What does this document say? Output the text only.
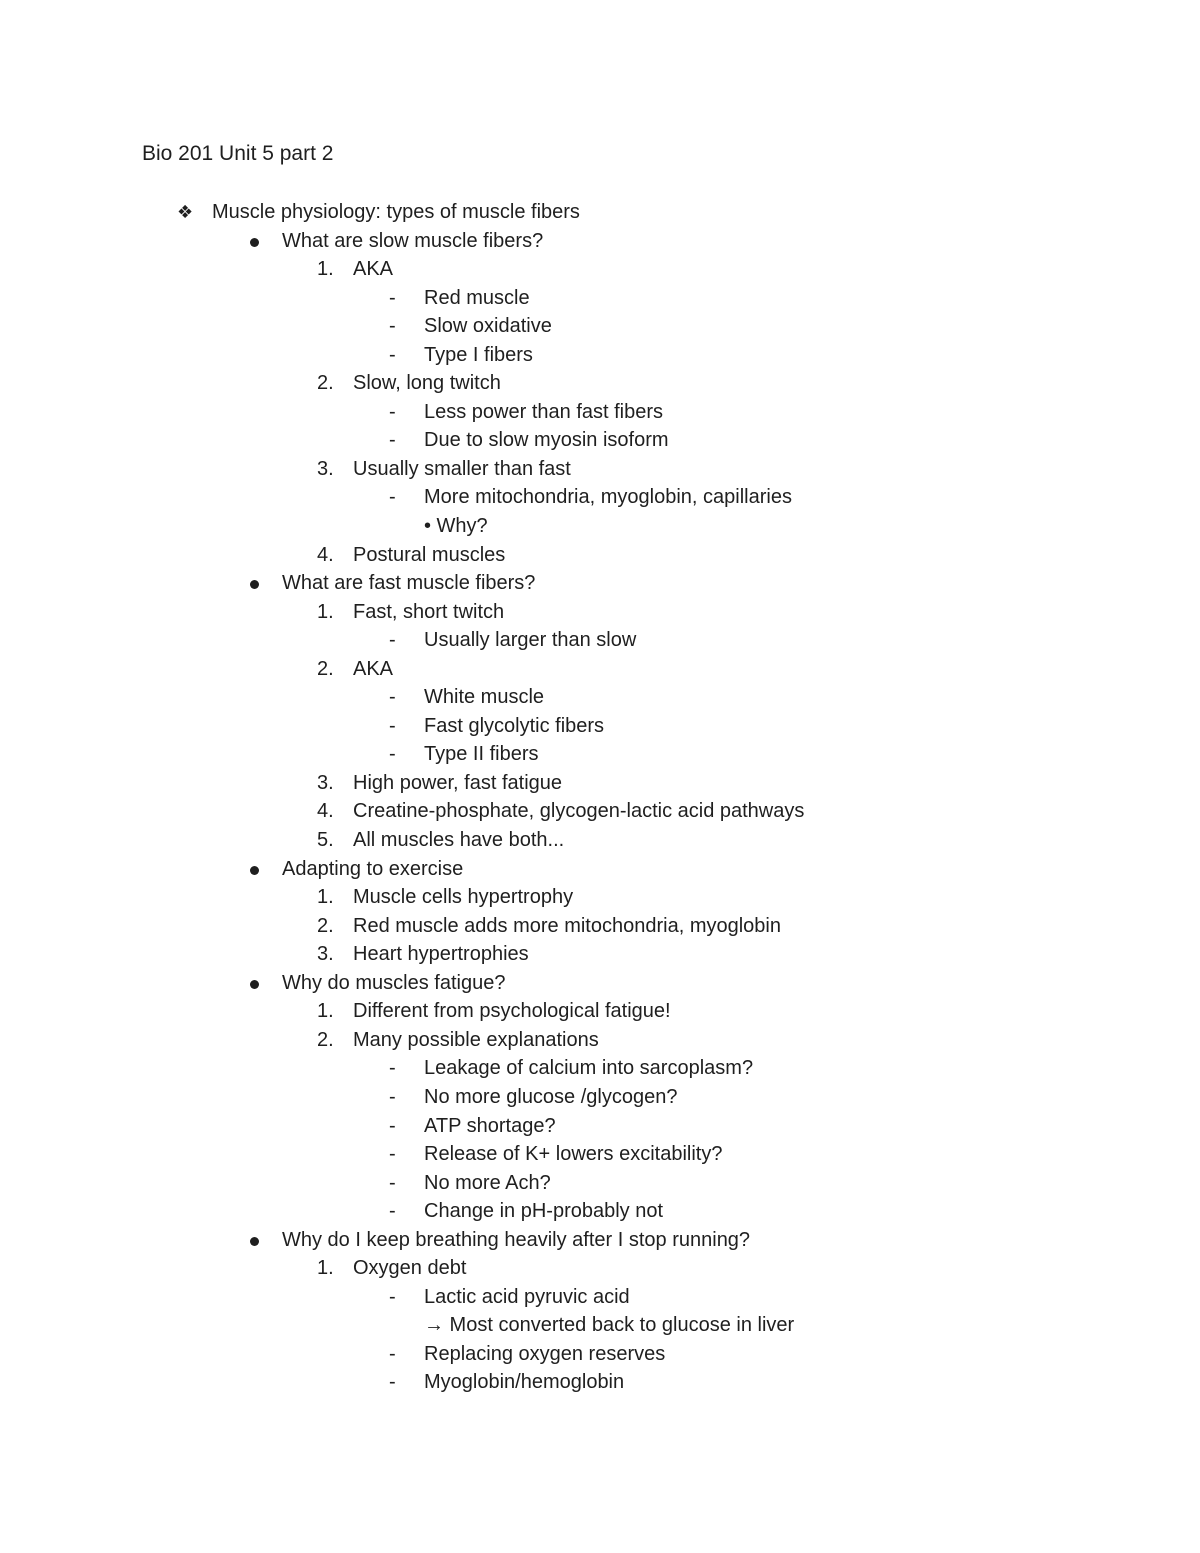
Bio 201 Unit 5 part 2
❖ Muscle physiology: types of muscle fibers
What are slow muscle fibers?
1. AKA
- Red muscle
- Slow oxidative
- Type I fibers
2. Slow, long twitch
- Less power than fast fibers
- Due to slow myosin isoform
3. Usually smaller than fast
- More mitochondria, myoglobin, capillaries
• Why?
4. Postural muscles
What are fast muscle fibers?
1. Fast, short twitch
- Usually larger than slow
2. AKA
- White muscle
- Fast glycolytic fibers
- Type II fibers
3. High power, fast fatigue
4. Creatine-phosphate, glycogen-lactic acid pathways
5. All muscles have both...
Adapting to exercise
1. Muscle cells hypertrophy
2. Red muscle adds more mitochondria, myoglobin
3. Heart hypertrophies
Why do muscles fatigue?
1. Different from psychological fatigue!
2. Many possible explanations
- Leakage of calcium into sarcoplasm?
- No more glucose /glycogen?
- ATP shortage?
- Release of K+ lowers excitability?
- No more Ach?
- Change in pH-probably not
Why do I keep breathing heavily after I stop running?
1. Oxygen debt
- Lactic acid pyruvic acid
→ Most converted back to glucose in liver
- Replacing oxygen reserves
- Myoglobin/hemoglobin
